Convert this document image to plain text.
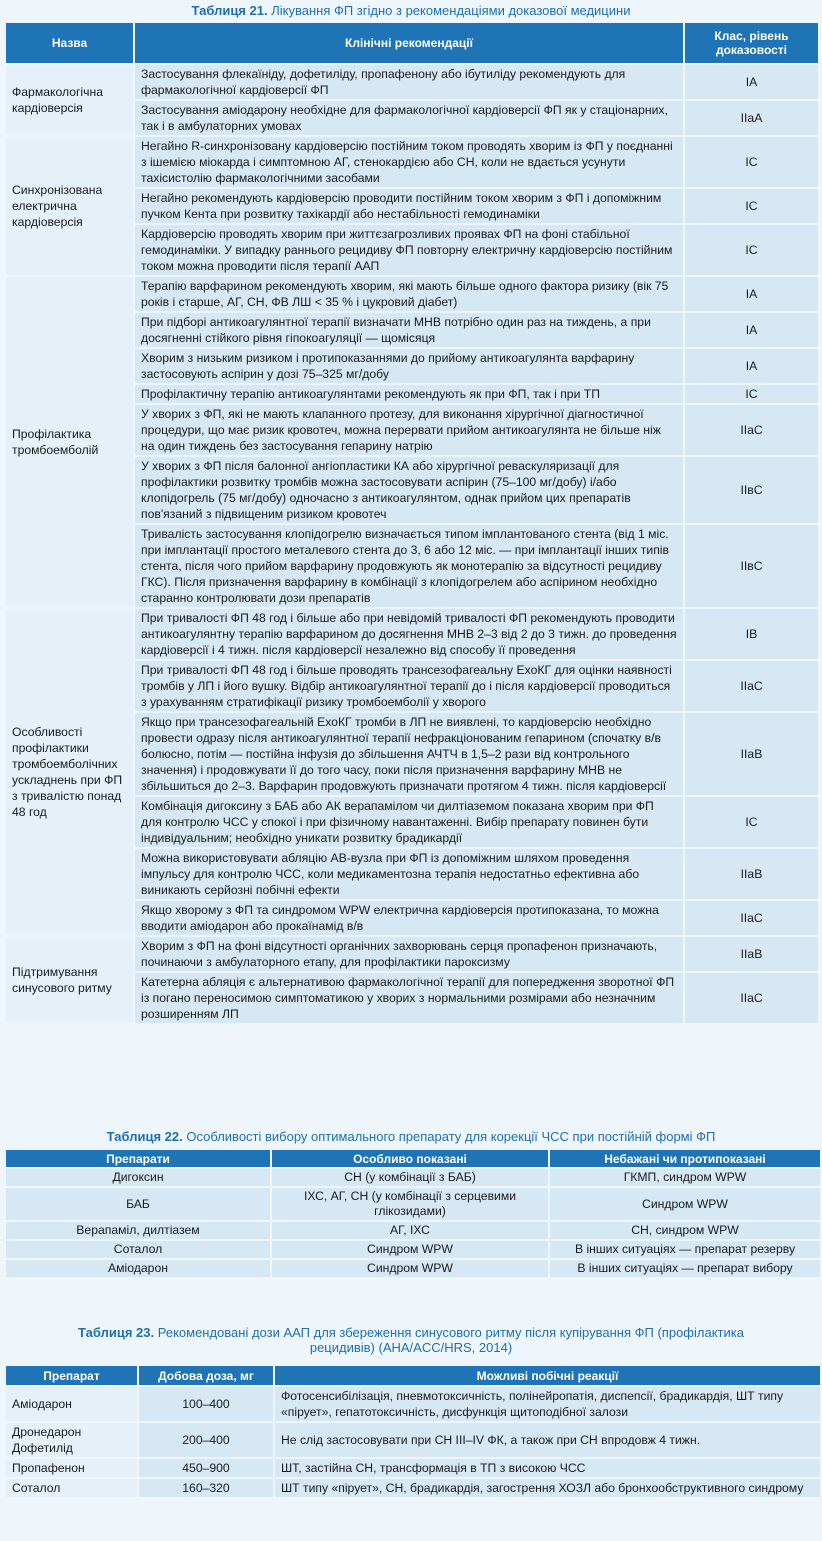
Таблиця 21. Лікування ФП згідно з рекомендаціями доказової медицини
Назва	Клінічні рекомендації	Клас, рівень доказовості
Фармакологічна кардіоверсія	Застосування флекаїніду, дофетиліду, пропафенону або ібутиліду рекомендують для фармакологічної кардіоверсії ФП	IA
	Застосування аміодарону необхідне для фармакологічної кардіоверсії ФП як у стаціонарних, так і в амбулаторних умовах	IIaA
Синхронізована електрична кардіоверсія	Негайно R-синхронізовану кардіоверсію постійним током проводять хворим із ФП у поєднанні з ішемією міокарда і симптомною АГ, стенокардією або СН, коли не вдається усунути тахісистолію фармакологічними засобами	IC
	Негайно рекомендують кардіоверсію проводити постійним током хворим з ФП і допоміжним пучком Кента при розвитку тахікардії або нестабільності гемодинаміки	IC
	Кардіоверсію проводять хворим при життєзагрозливих проявах ФП на фоні стабільної гемодинаміки. У випадку раннього рецидиву ФП повторну електричну кардіоверсію постійним током можна проводити після терапії ААП	IC
Профілактика тромбоемболій	Терапію варфарином рекомендують хворим, які мають більше одного фактора ризику (вік 75 років і старше, АГ, СН, ФВ ЛШ < 35 % і цукровий діабет)	IA
	При підборі антикоагулянтної терапії визначати МНВ потрібно один раз на тиждень, а при досягненні стійкого рівня гіпокоагуляції — щомісяця	IA
	Хворим з низьким ризиком і протипоказаннями до прийому антикоагулянта варфарину застосовують аспірин у дозі 75–325 мг/добу	IA
	Профілактичну терапію антикоагулянтами рекомендують як при ФП, так і при ТП	IC
	У хворих з ФП, які не мають клапанного протезу, для виконання хірургічної діагностичної процедури, що має ризик кровотеч, можна перервати прийом антикоагулянта не більше ніж на один тиждень без застосування гепарину натрію	IIaC
	У хворих з ФП після балонної ангіопластики КА або хірургічної реваскуляризації для профілактики розвитку тромбів можна застосовувати аспірин (75–100 мг/добу) і/або клопідогрель (75 мг/добу) одночасно з антикоагулянтом, однак прийом цих препаратів пов'язаний з підвищеним ризиком кровотеч	IIвC
	Тривалість застосування клопідогрелю визначається типом імплантованого стента (від 1 міс. при імплантації простого металевого стента до 3, 6 або 12 міс. — при імплантації інших типів стента, після чого прийом варфарину продовжують як монотерапію за відсутності рецидиву ГКС). Після призначення варфарину в комбінації з клопідогрелем або аспірином необхідно старанно контролювати дози препаратів	IIвC
Особливості профілактики тромбоемболічних ускладнень при ФП з тривалістю понад 48 год	При тривалості ФП 48 год і більше або при невідомій тривалості ФП рекомендують проводити антикоагулянтну терапію варфарином до досягнення МНВ 2–3 від 2 до 3 тижн. до проведення кардіоверсії і 4 тижн. після кардіоверсії незалежно від способу її проведення	IB
	При тривалості ФП 48 год і більше проводять трансезофагеальну ЕхоКГ для оцінки наявності тромбів у ЛП і його вушку. Відбір антикоагулянтної терапії до і після кардіоверсії проводиться з урахуванням стратифікації ризику тромбоемболії у хворого	IIaC
	Якщо при трансезофагеальній ЕхоКГ тромби в ЛП не виявлені, то кардіоверсію необхідно провести одразу після антикоагулянтної терапії нефракціонованим гепарином (спочатку в/в болюсно, потім — постійна інфузія до збільшення АЧТЧ в 1,5–2 рази від контрольного значення) і продовжувати її до того часу, поки після призначення варфарину МНВ не збільшиться до 2–3. Варфарин продовжують призначати протягом 4 тижн. після кардіоверсії	IIaB
	Комбінація дигоксину з БАБ або АК верапамілом чи дилтіаземом показана хворим при ФП для контролю ЧСС у спокої і при фізичному навантаженні. Вибір препарату повинен бути індивідуальним; необхідно уникати розвитку брадикардії	IC
	Можна використовувати абляцію АВ-вузла при ФП із допоміжним шляхом проведення імпульсу для контролю ЧСС, коли медикаментозна терапія недостатньо ефективна або виникають серйозні побічні ефекти	IIaB
	Якщо хворому з ФП та синдромом WPW електрична кардіоверсія протипоказана, то можна вводити аміодарон або прокаїнамід в/в	IIaC
Підтримування синусового ритму	Хворим з ФП на фоні відсутності органічних захворювань серця пропафенон призначають, починаючи з амбулаторного етапу, для профілактики пароксизму	IIaB
	Катетерна абляція є альтернативою фармакологічної терапії для попередження зворотної ФП із погано переносимою симптоматикою у хворих з нормальними розмірами або незначним розширенням ЛП	IIaC
Таблиця 22. Особливості вибору оптимального препарату для корекції ЧСС при постійній формі ФП
Препарати	Особливо показані	Небажані чи протипоказані
Дигоксин	СН (у комбінації з БАБ)	ГКМП, синдром WPW
БАБ	ІХС, АГ, СН (у комбінації з серцевими глікозидами)	Синдром WPW
Верапаміл, дилтіазем	АГ, ІХС	СН, синдром WPW
Соталол	Синдром WPW	В інших ситуаціях — препарат резерву
Аміодарон	Синдром WPW	В інших ситуаціях — препарат вибору
Таблиця 23. Рекомендовані дози ААП для збереження синусового ритму після купірування ФП (профілактика рецидивів) (AHA/ACC/HRS, 2014)
Препарат	Добова доза, мг	Можливі побічні реакції
Аміодарон	100–400	Фотосенсибілізація, пневмотоксичність, полінейропатія, диспепсії, брадикардія, ШТ типу «пірует», гепатотоксичність, дисфункція щитоподібної залози
Дронедарон Дофетилід	200–400	Не слід застосовувати при СН III–IV ФК, а також при СН впродовж 4 тижн.
Пропафенон	450–900	ШТ, застійна СН, трансформація в ТП з високою ЧСС
Соталол	160–320	ШТ типу «пірует», СН, брадикардія, загострення ХОЗЛ або бронхообструктивного синдрому
